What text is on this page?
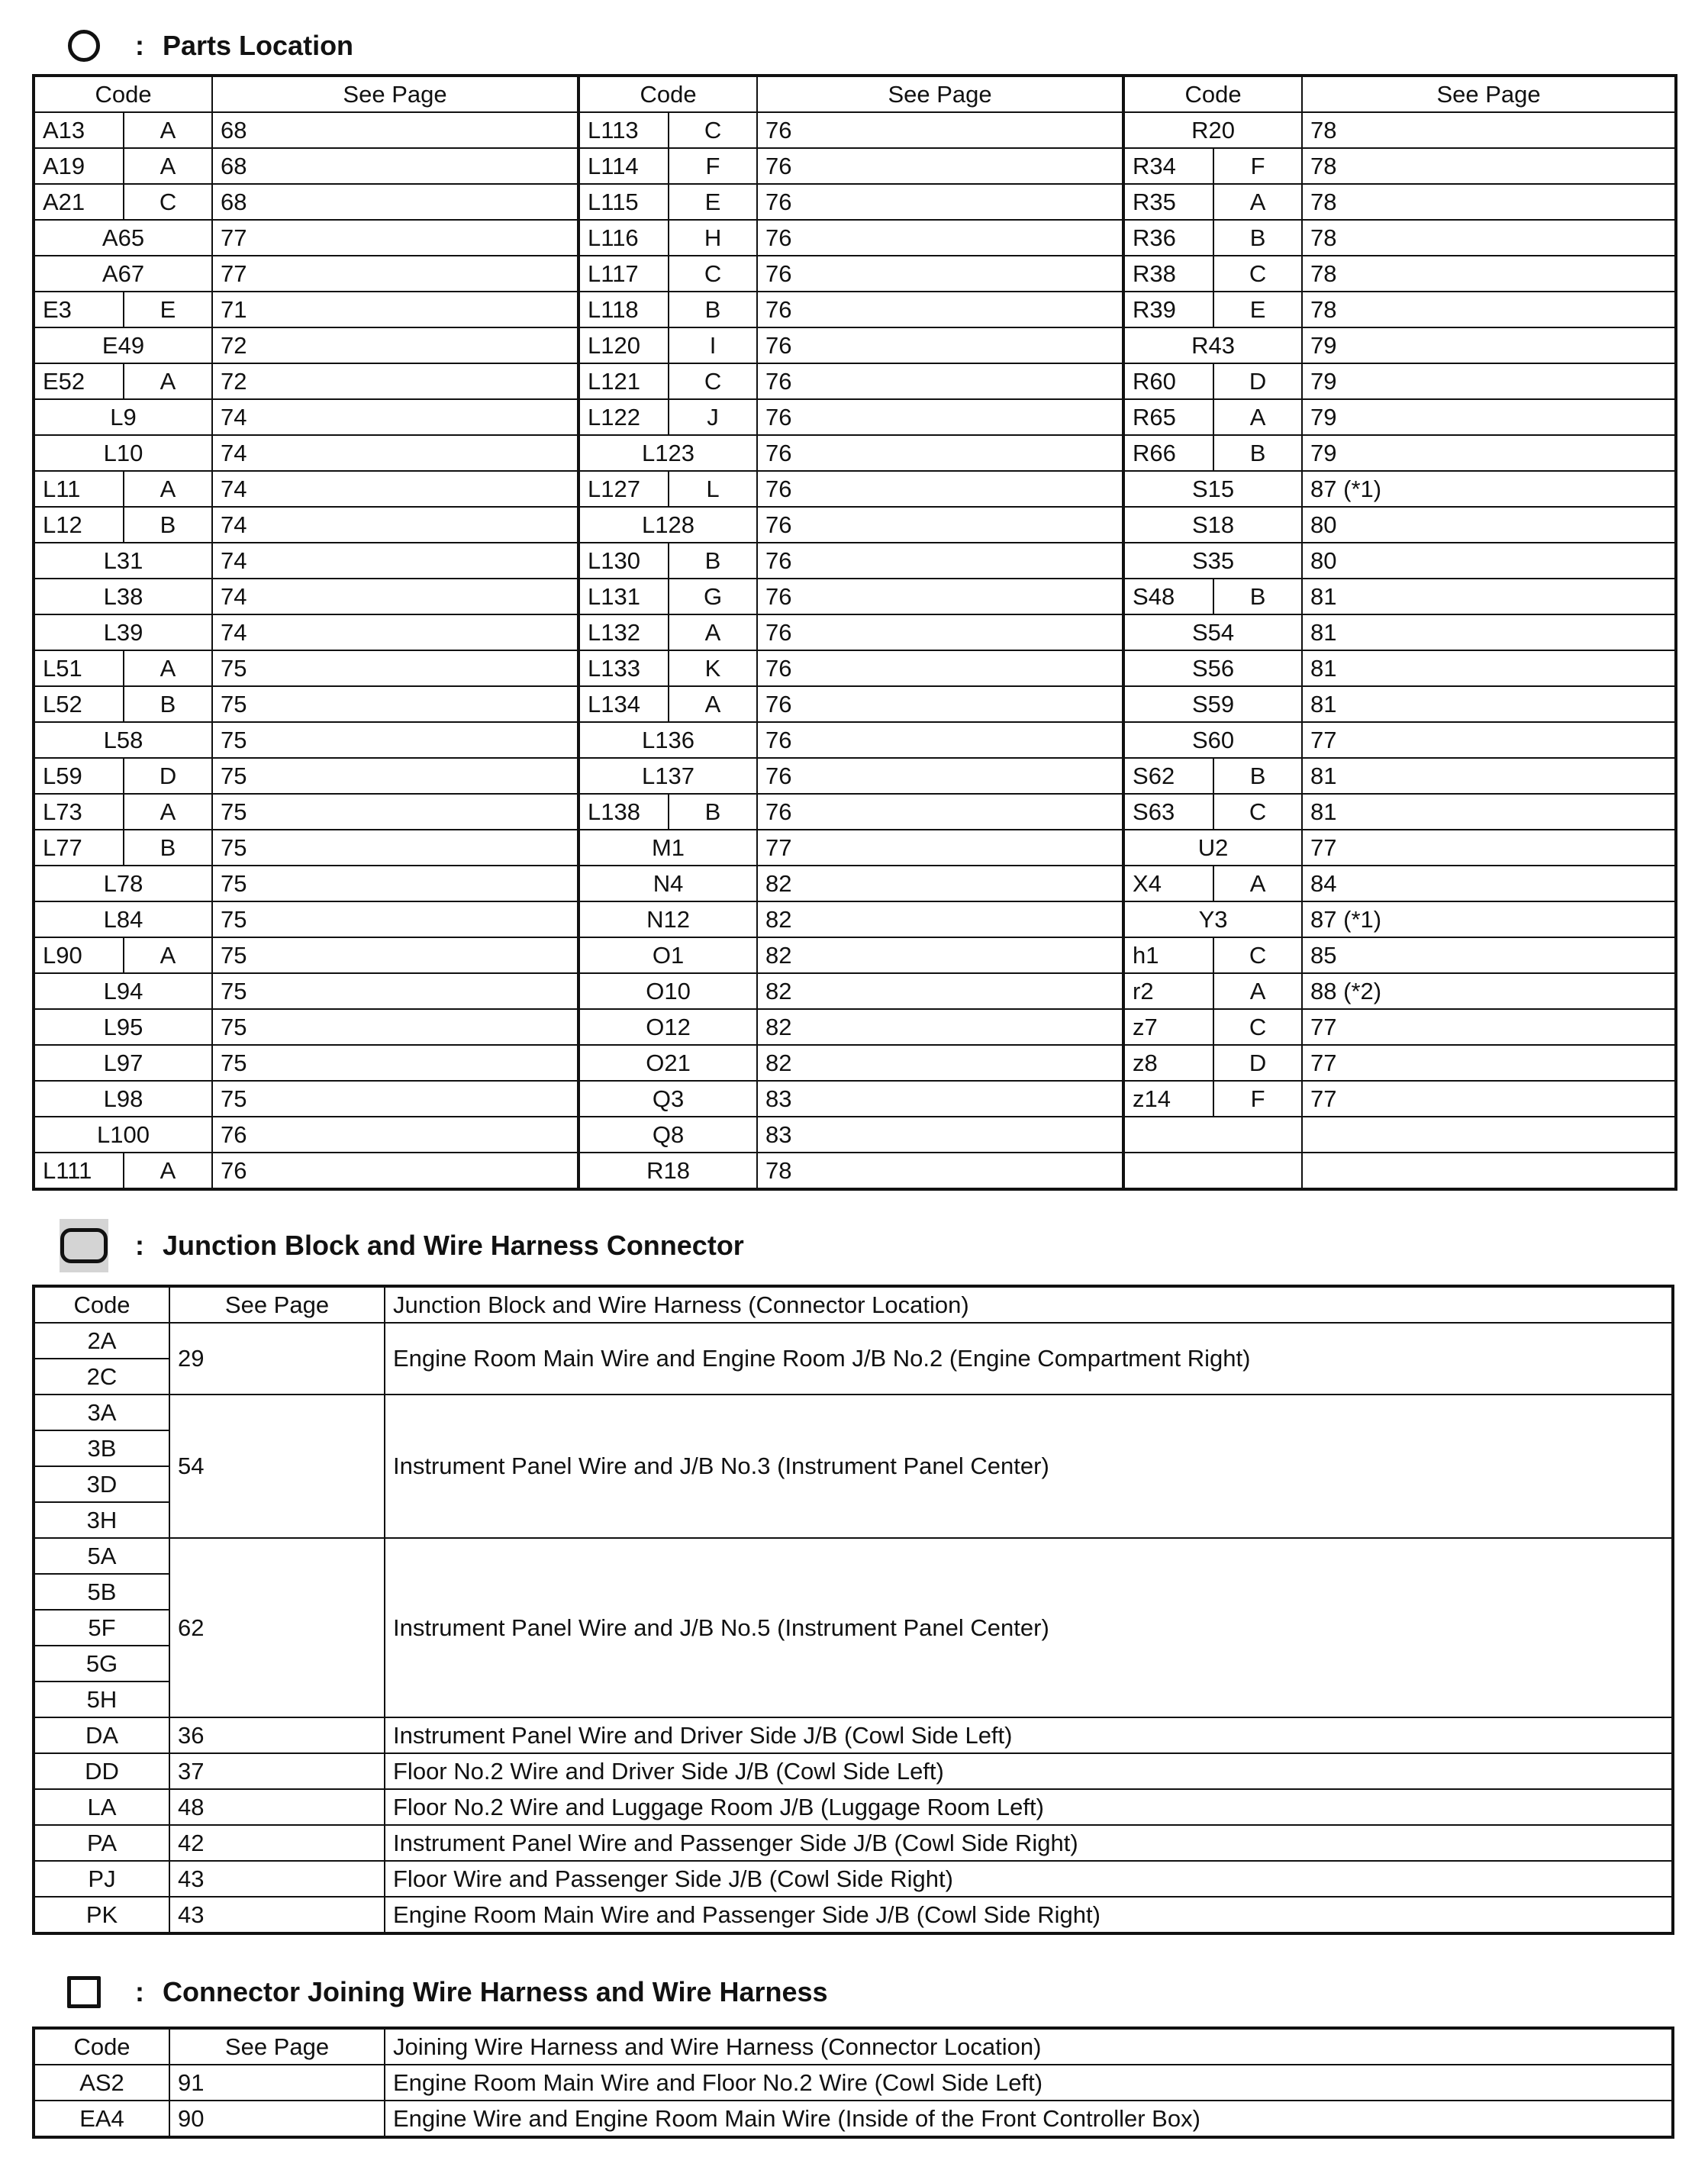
: Parts Location
Code		See Page	Code		See Page	Code		See Page
A13	A	68	L113	C	76	R20		78
A19	A	68	L114	F	76	R34	F	78
A21	C	68	L115	E	76	R35	A	78
A65		77	L116	H	76	R36	B	78
A67		77	L117	C	76	R38	C	78
E3	E	71	L118	B	76	R39	E	78
E49		72	L120	I	76	R43		79
E52	A	72	L121	C	76	R60	D	79
L9		74	L122	J	76	R65	A	79
L10		74	L123		76	R66	B	79
L11	A	74	L127	L	76	S15		87 (*1)
L12	B	74	L128		76	S18		80
L31		74	L130	B	76	S35		80
L38		74	L131	G	76	S48	B	81
L39		74	L132	A	76	S54		81
L51	A	75	L133	K	76	S56		81
L52	B	75	L134	A	76	S59		81
L58		75	L136		76	S60		77
L59	D	75	L137		76	S62	B	81
L73	A	75	L138	B	76	S63	C	81
L77	B	75	M1		77	U2		77
L78		75	N4		82	X4	A	84
L84		75	N12		82	Y3		87 (*1)
L90	A	75	O1		82	h1	C	85
L94		75	O10		82	r2	A	88 (*2)
L95		75	O12		82	z7	C	77
L97		75	O21		82	z8	D	77
L98		75	Q3		83	z14	F	77
L100		76	Q8		83			
L111	A	76	R18		78			
: Junction Block and Wire Harness Connector
Code	See Page	Junction Block and Wire Harness (Connector Location)
2A	29	Engine Room Main Wire and Engine Room J/B No.2 (Engine Compartment Right)
2C		
3A	54	Instrument Panel Wire and J/B No.3 (Instrument Panel Center)
3B		
3D		
3H		
5A	62	Instrument Panel Wire and J/B No.5 (Instrument Panel Center)
5B		
5F		
5G		
5H		
DA	36	Instrument Panel Wire and Driver Side J/B (Cowl Side Left)
DD	37	Floor No.2 Wire and Driver Side J/B (Cowl Side Left)
LA	48	Floor No.2 Wire and Luggage Room J/B (Luggage Room Left)
PA	42	Instrument Panel Wire and Passenger Side J/B (Cowl Side Right)
PJ	43	Floor Wire and Passenger Side J/B (Cowl Side Right)
PK	43	Engine Room Main Wire and Passenger Side J/B (Cowl Side Right)
: Connector Joining Wire Harness and Wire Harness
Code	See Page	Joining Wire Harness and Wire Harness (Connector Location)
AS2	91	Engine Room Main Wire and Floor No.2 Wire (Cowl Side Left)
EA4	90	Engine Wire and Engine Room Main Wire (Inside of the Front Controller Box)
